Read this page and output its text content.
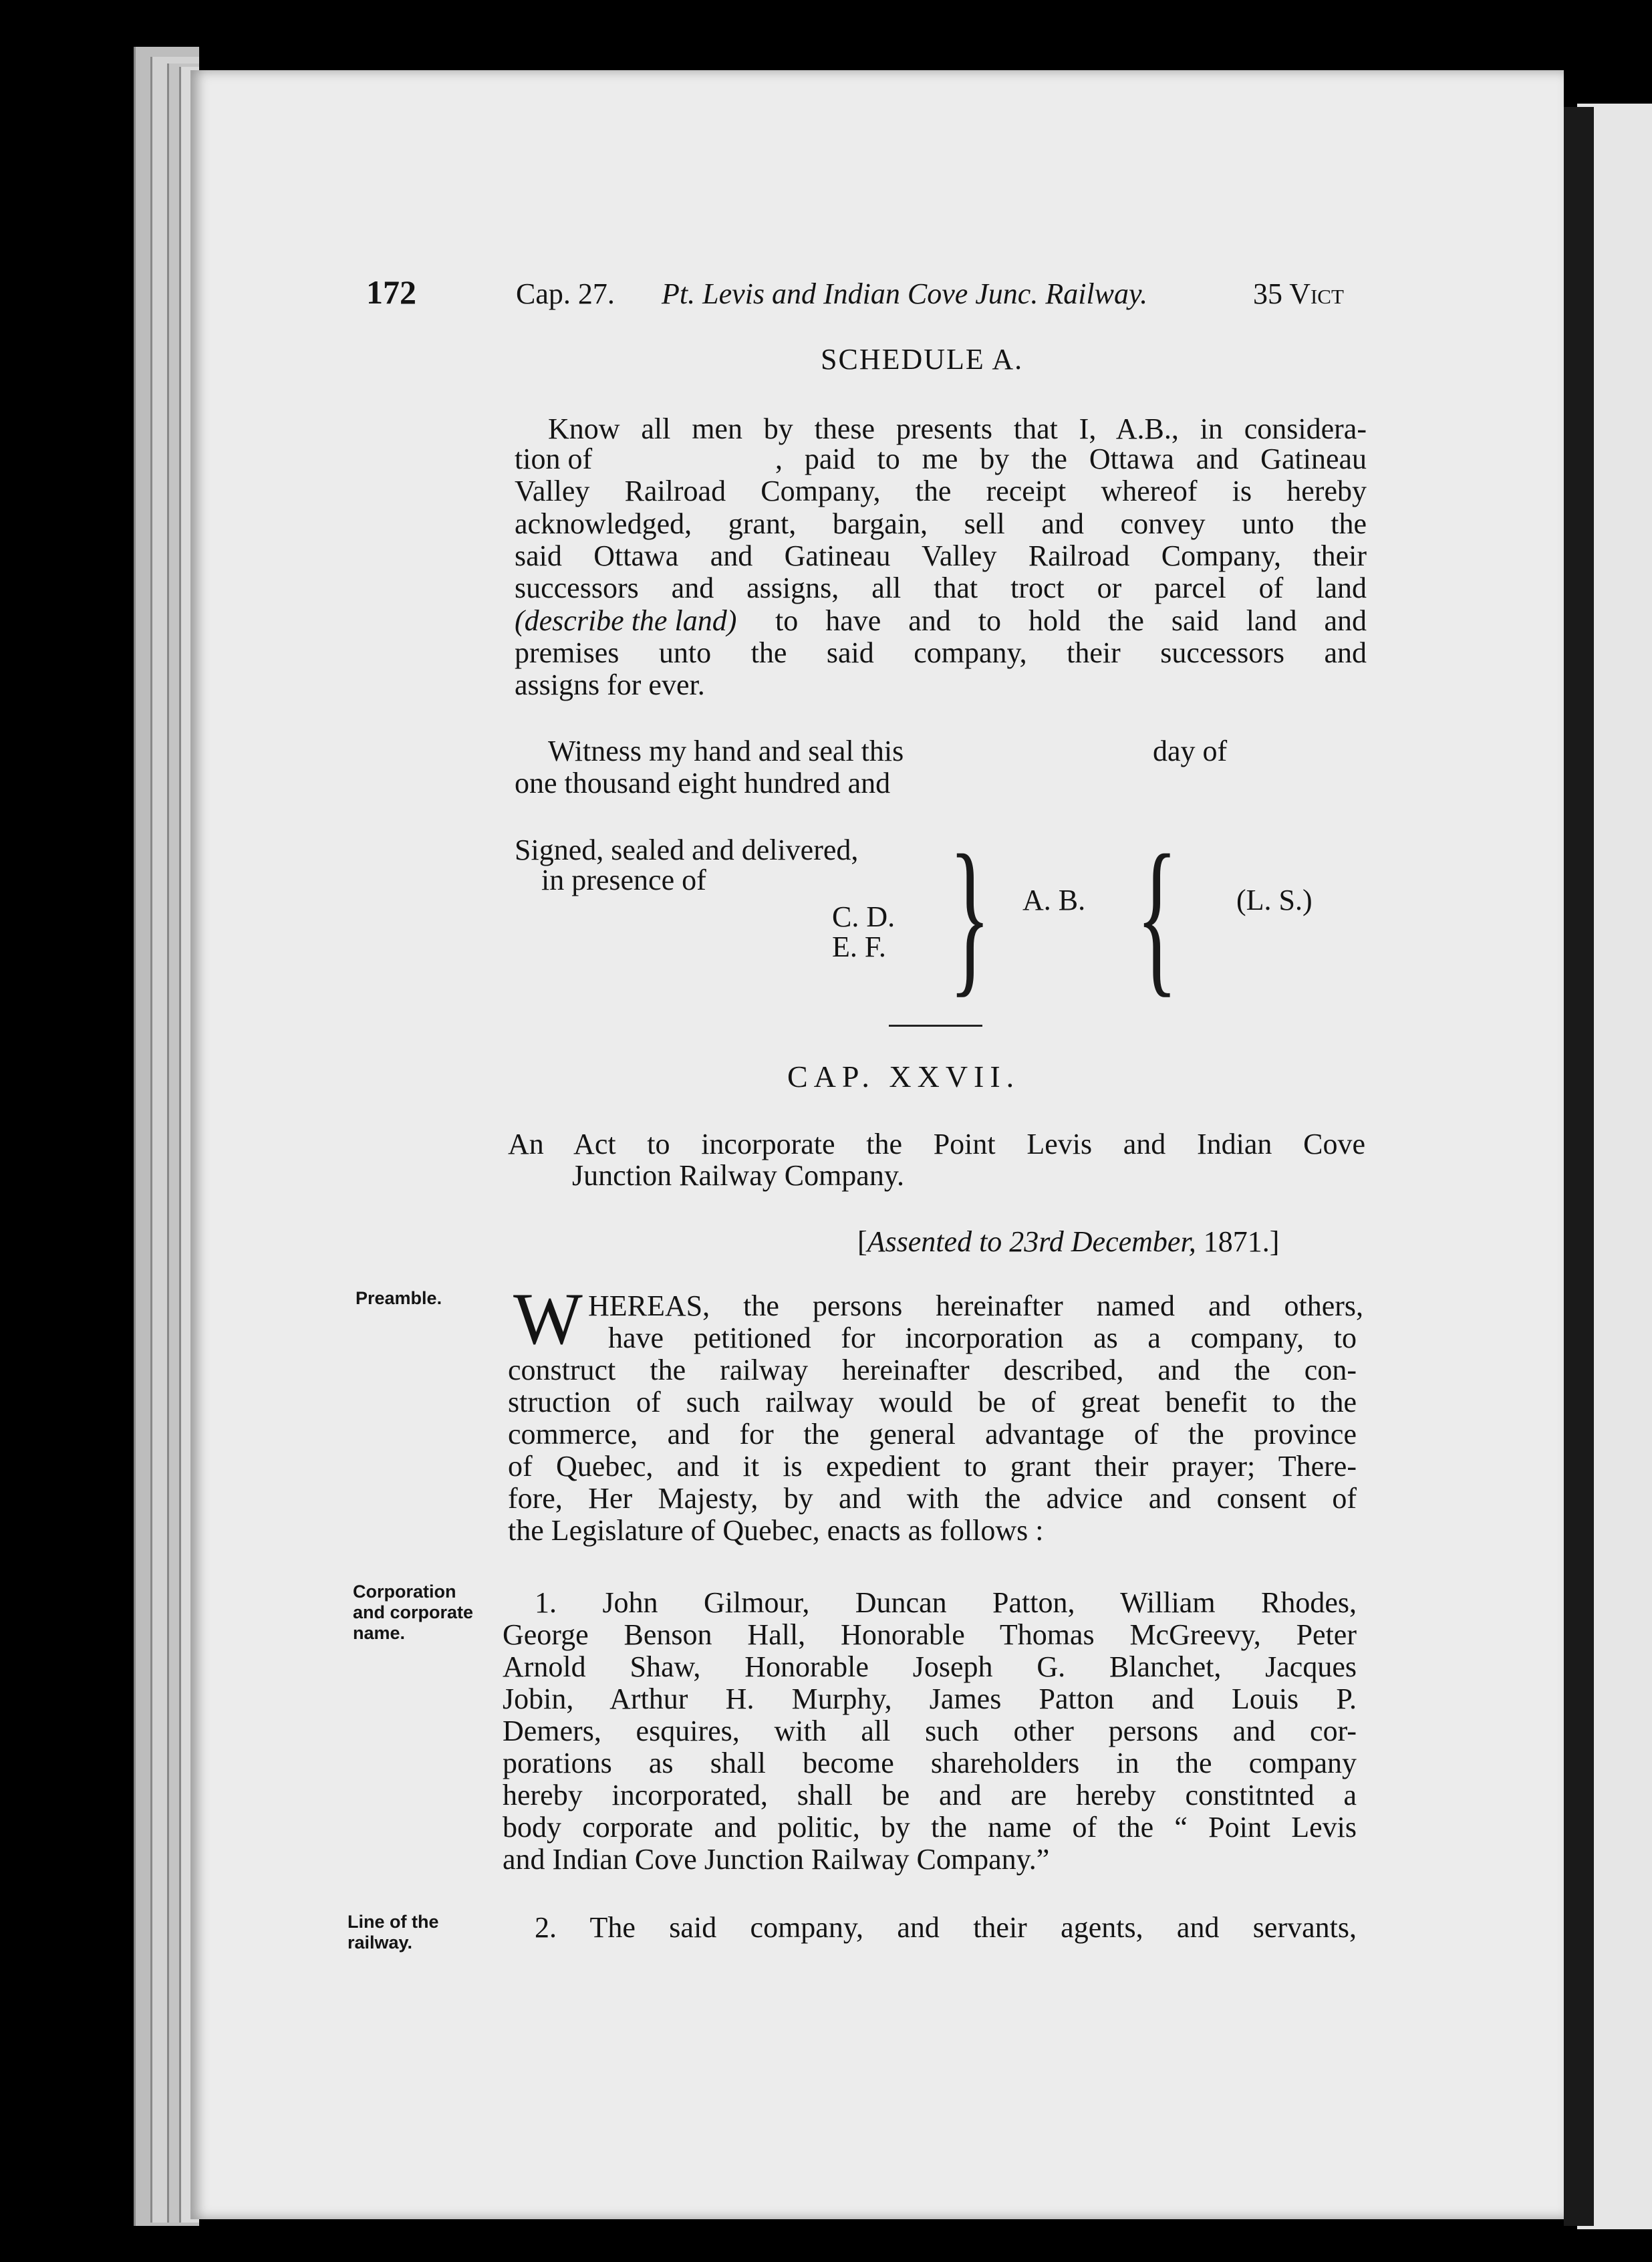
172	Cap. 27. Pt. Levis and Indian Cove Junc. Railway.	35 Vict
SCHEDULE A.
Know all men by these presents that I, A.B., in considera-
tion of	, paid to me by the Ottawa and Gatineau
Valley Railroad Company, the receipt whereof is hereby
acknowledged, grant, bargain, sell and convey unto the
said Ottawa and Gatineau Valley Railroad Company, their
successors and assigns, all that troct or parcel of land
(describe the land) to have and to hold the said land and
premises unto the said company, their successors and
assigns for ever.
Witness my hand and seal this	day of
one thousand eight hundred and
Signed, sealed and delivered,
in presence of
C. D.
E. F. } A. B. { (L. S.)
CAP. XXVII.
An Act to incorporate the Point Levis and Indian Cove
Junction Railway Company.
[Assented to 23rd December, 1871.]
Preamble. W HEREAS, the persons hereinafter named and others,
have petitioned for incorporation as a company, to
construct the railway hereinafter described, and the con-
struction of such railway would be of great benefit to the
commerce, and for the general advantage of the province
of Quebec, and it is expedient to grant their prayer; There-
fore, Her Majesty, by and with the advice and consent of
the Legislature of Quebec, enacts as follows :
Corporation
and corporate
name.
1. John Gilmour, Duncan Patton, William Rhodes,
George Benson Hall, Honorable Thomas McGreevy, Peter
Arnold Shaw, Honorable Joseph G. Blanchet, Jacques
Jobin, Arthur H. Murphy, James Patton and Louis P.
Demers, esquires, with all such other persons and cor-
porations as shall become shareholders in the company
hereby incorporated, shall be and are hereby constitnted a
body corporate and politic, by the name of the “ Point Levis
and Indian Cove Junction Railway Company.”
Line of the
railway.	2. The said company, and their agents, and servants,
